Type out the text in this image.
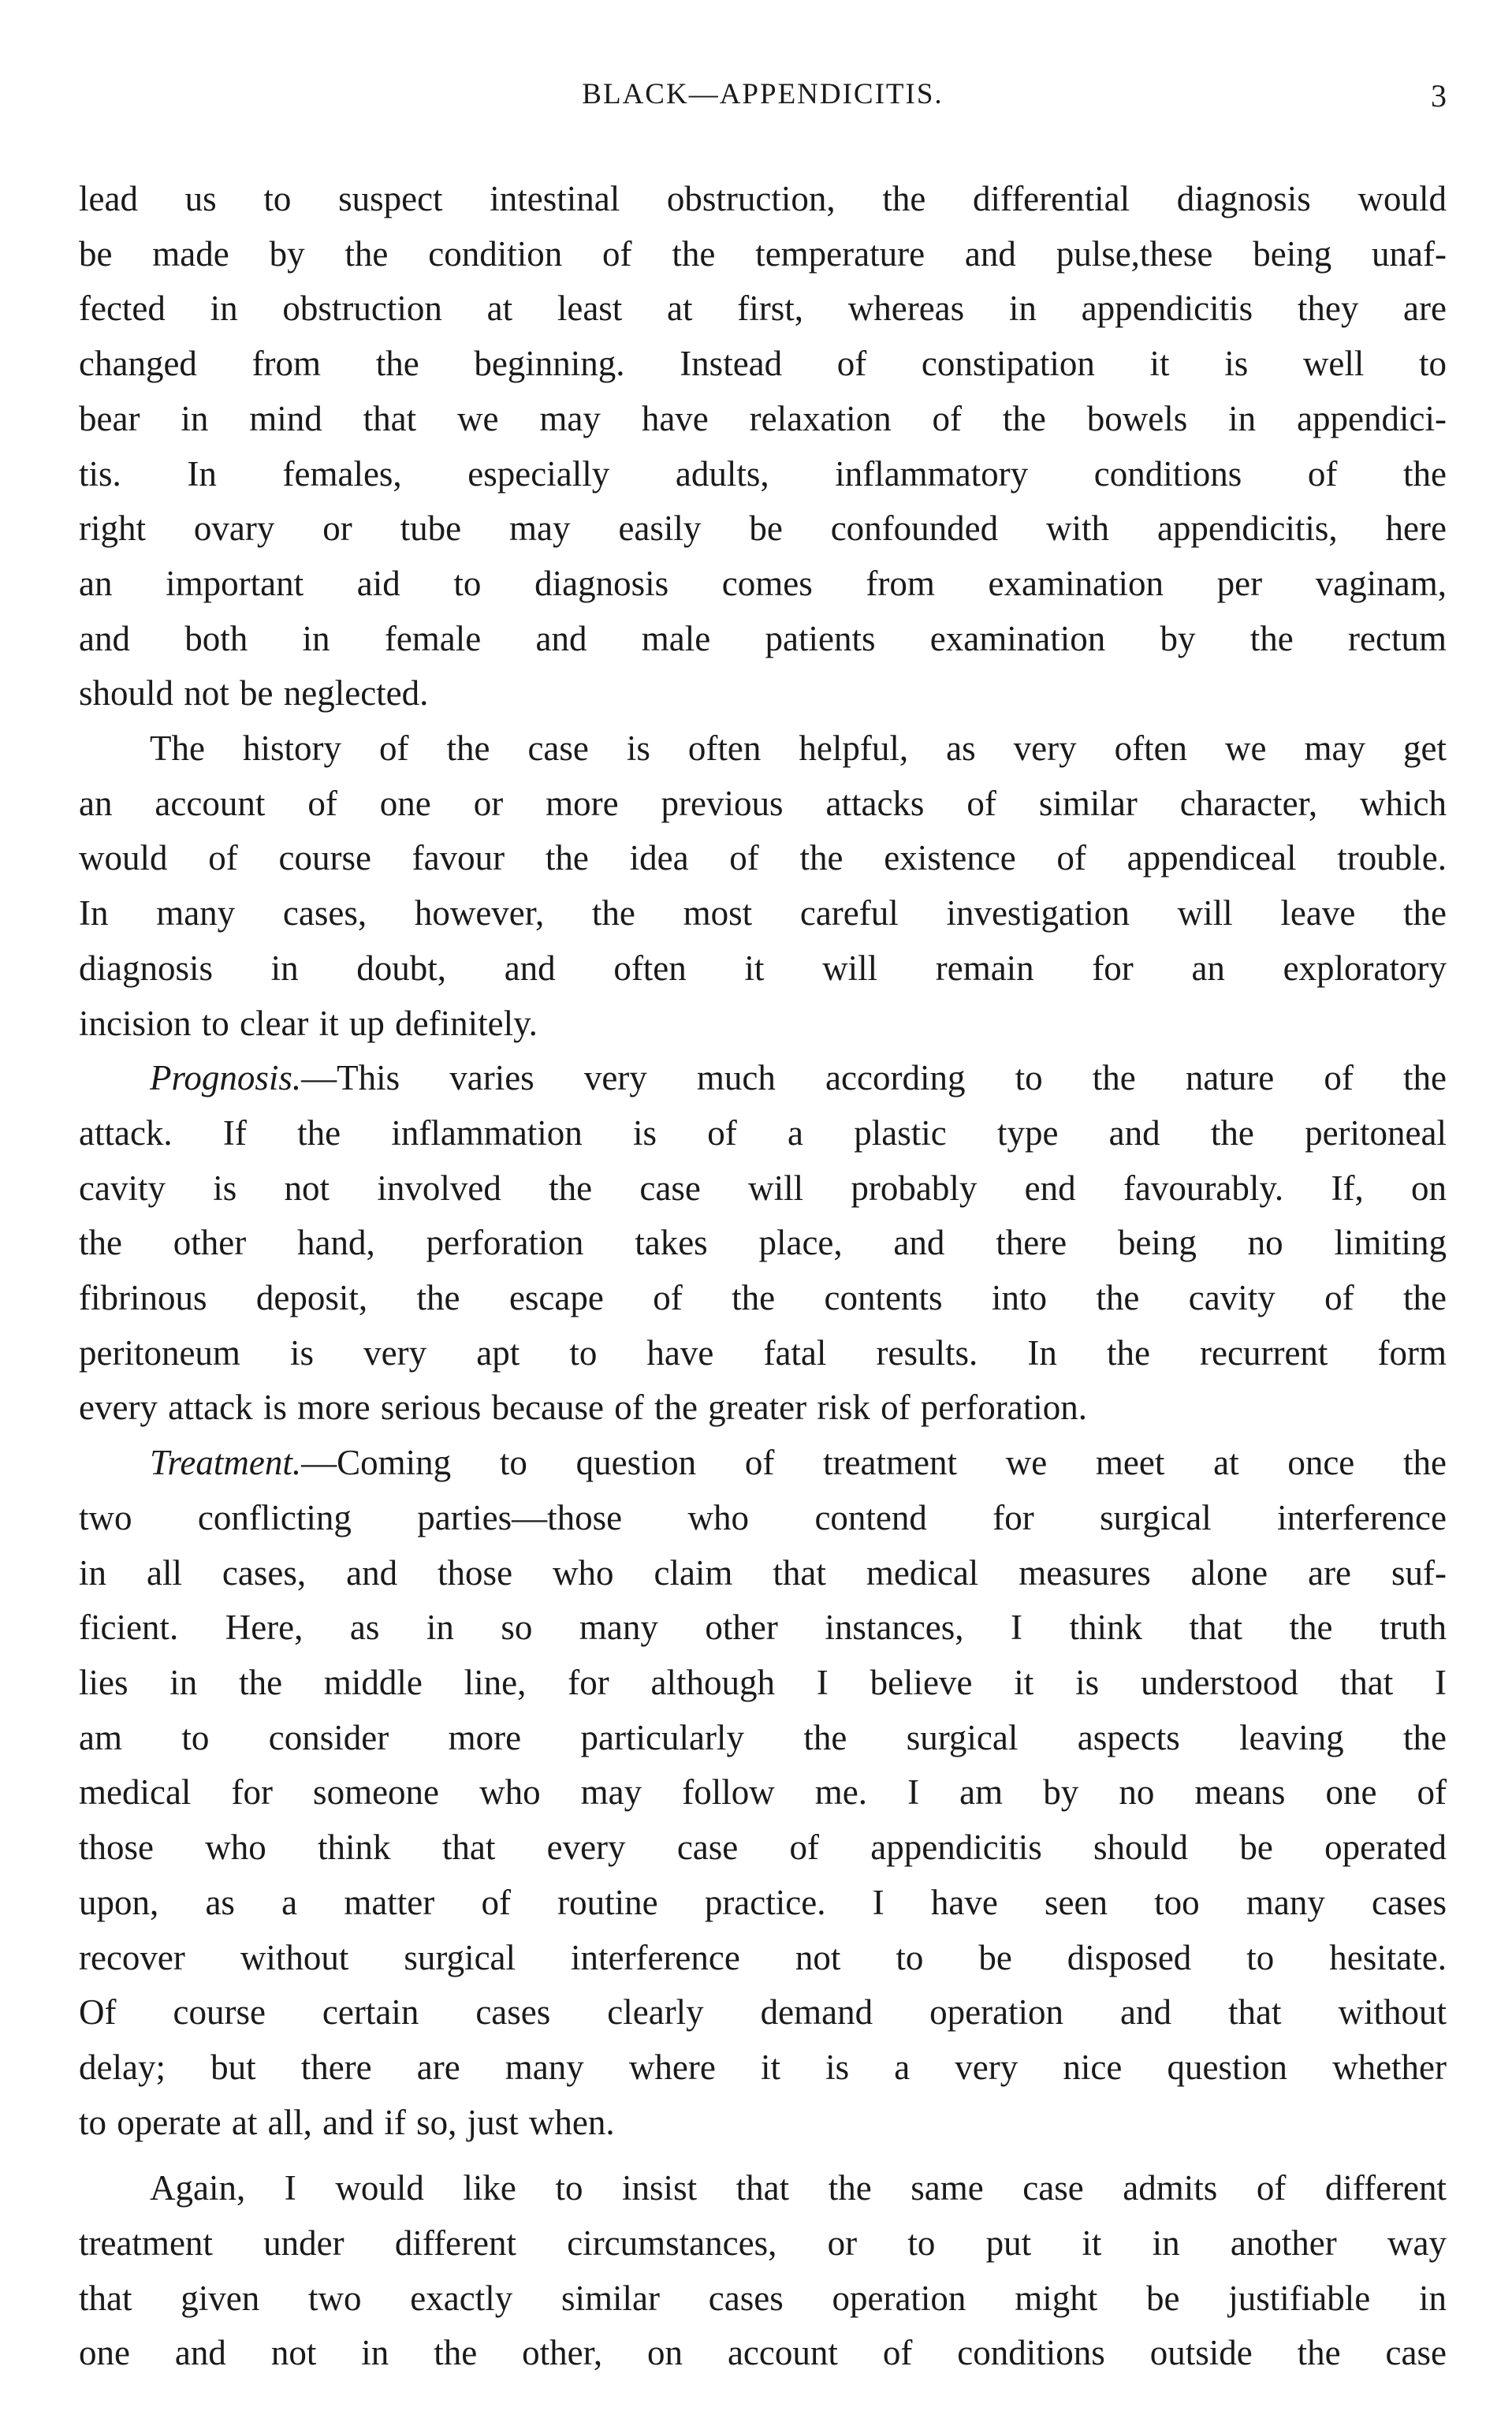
BLACK—APPENDICITIS.	3

lead us to suspect intestinal obstruction, the differential diagnosis would
be made by the condition of the temperature and pulse,these being unaf-
fected in obstruction at least at first, whereas in appendicitis they are
changed from the beginning. Instead of constipation it is well to
bear in mind that we may have relaxation of the bowels in appendici-
tis. In females, especially adults, inflammatory conditions of the
right ovary or tube may easily be confounded with appendicitis, here
an important aid to diagnosis comes from examination per vaginam,
and both in female and male patients examination by the rectum
should not be neglected.

The history of the case is often helpful, as very often we may get
an account of one or more previous attacks of similar character, which
would of course favour the idea of the existence of appendiceal trouble.
In many cases, however, the most careful investigation will leave the
diagnosis in doubt, and often it will remain for an exploratory
incision to clear it up definitely.

Prognosis.—This varies very much according to the nature of the
attack. If the inflammation is of a plastic type and the peritoneal
cavity is not involved the case will probably end favourably. If, on
the other hand, perforation takes place, and there being no limiting
fibrinous deposit, the escape of the contents into the cavity of the
peritoneum is very apt to have fatal results. In the recurrent form
every attack is more serious because of the greater risk of perforation.

Treatment.—Coming to question of treatment we meet at once the
two conflicting parties—those who contend for surgical interference
in all cases, and those who claim that medical measures alone are suf-
ficient. Here, as in so many other instances, I think that the truth
lies in the middle line, for although I believe it is understood that I
am to consider more particularly the surgical aspects leaving the
medical for someone who may follow me. I am by no means one of
those who think that every case of appendicitis should be operated
upon, as a matter of routine practice. I have seen too many cases
recover without surgical interference not to be disposed to hesitate.
Of course certain cases clearly demand operation and that without
delay; but there are many where it is a very nice question whether
to operate at all, and if so, just when.

Again, I would like to insist that the same case admits of different
treatment under different circumstances, or to put it in another way
that given two exactly similar cases operation might be justifiable in
one and not in the other, on account of conditions outside the case
